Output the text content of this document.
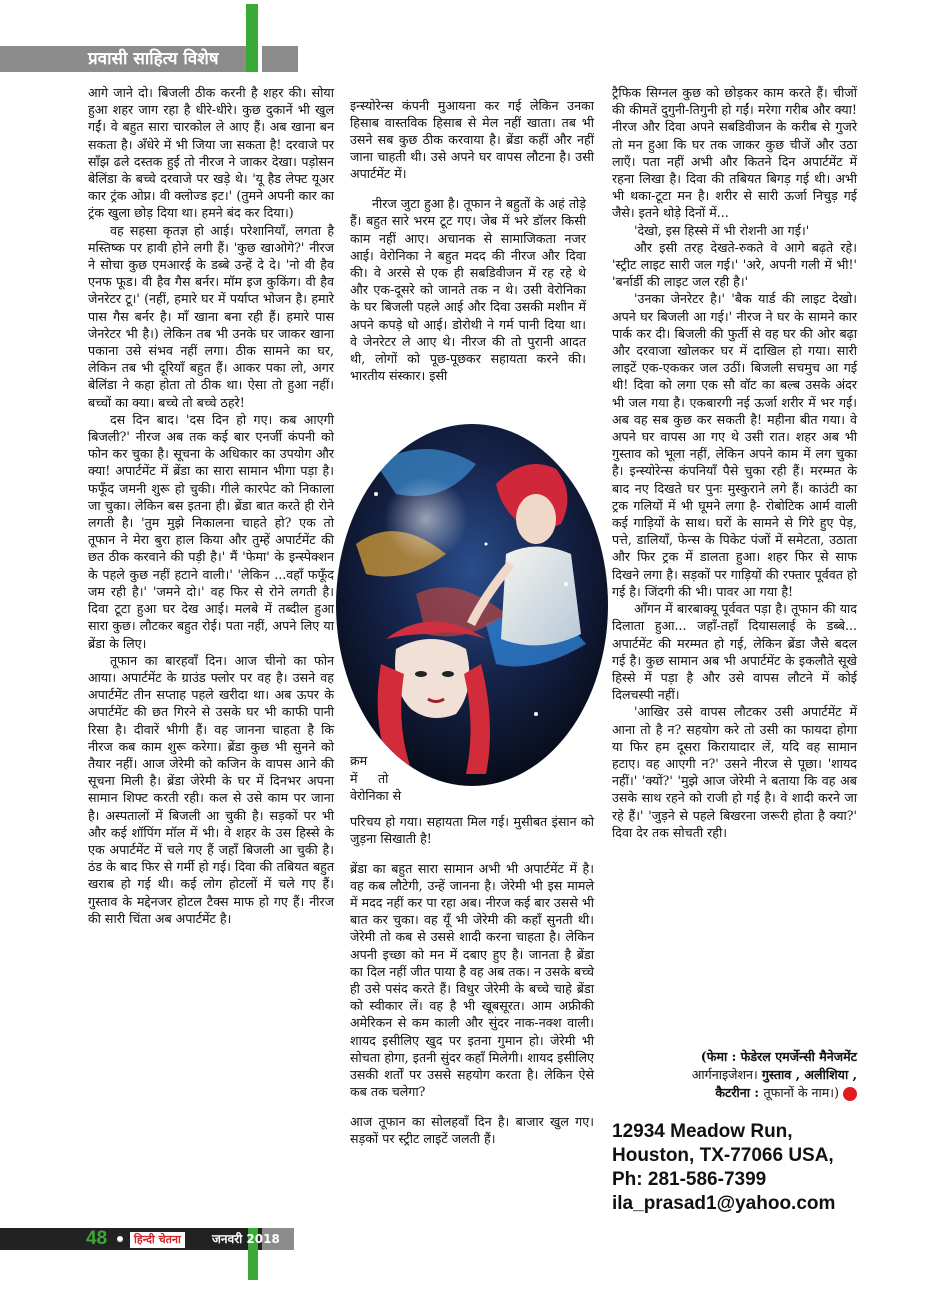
प्रवासी साहित्य विशेष

आगे जाने दो। बिजली ठीक करनी है शहर की। सोया हुआ शहर जाग रहा है धीरे-धीरे। कुछ दुकानें भी खुल गईं। वे बहुत सारा चारकोल ले आए हैं। अब खाना बन सकता है। अँधेरे में भी जिया जा सकता है! दरवाजे पर साँझ ढले दस्तक हुई तो नीरज ने जाकर देखा। पड़ोसन बेलिंडा के बच्चे दरवाजे पर खड़े थे। 'यू हैड लेफ्ट यूअर कार ट्रंक ओप्न। वी क्लोज्ड इट।' (तुमने अपनी कार का ट्रंक खुला छोड़ दिया था। हमने बंद कर दिया।)

वह सहसा कृतज्ञ हो आई। परेशानियाँ, लगता है मस्तिष्क पर हावी होने लगी हैं। 'कुछ खाओगे?' नीरज ने सोचा कुछ एमआरई के डब्बे उन्हें दे दे। 'नो वी हैव एनफ फूड। वी हैव गैस बर्नर। मॉम इज कुकिंग। वी हैव जेनरेटर टू।' (नहीं, हमारे घर में पर्याप्त भोजन है। हमारे पास गैस बर्नर है। माँ खाना बना रही हैं। हमारे पास जेनरेटर भी है।) लेकिन तब भी उनके घर जाकर खाना पकाना उसे संभव नहीं लगा। ठीक सामने का घर, लेकिन तब भी दूरियाँ बहुत हैं। आकर पका लो, अगर बेलिंडा ने कहा होता तो ठीक था। ऐसा तो हुआ नहीं। बच्चों का क्या। बच्चे तो बच्चे ठहरे!

दस दिन बाद। 'दस दिन हो गए। कब आएगी बिजली?' नीरज अब तक कई बार एनर्जी कंपनी को फोन कर चुका है। सूचना के अधिकार का उपयोग और क्या! अपार्टमेंट में ब्रेंडा का सारा सामान भीगा पड़ा है। फफूँद जमनी शुरू हो चुकी। गीले कारपेट को निकाला जा चुका। लेकिन बस इतना ही। ब्रेंडा बात करते ही रोने लगती है। 'तुम मुझे निकालना चाहते हो? एक तो तूफान ने मेरा बुरा हाल किया और तुम्हें अपार्टमेंट की छत ठीक करवाने की पड़ी है।' मैं 'फेमा' के इन्स्पेक्शन के पहले कुछ नहीं हटाने वाली।' 'लेकिन ...वहाँ फफूँद जम रही है।' 'जमने दो।' वह फिर से रोने लगती है। दिवा टूटा हुआ घर देख आई। मलबे में तब्दील हुआ सारा कुछ। लौटकर बहुत रोई। पता नहीं, अपने लिए या ब्रेंडा के लिए।

तूफान का बारहवाँ दिन। आज चीनो का फोन आया। अपार्टमेंट के ग्राउंड फ्लोर पर वह है। उसने वह अपार्टमेंट तीन सप्ताह पहले खरीदा था। अब ऊपर के अपार्टमेंट की छत गिरने से उसके घर भी काफी पानी रिसा है। दीवारें भीगी हैं। वह जानना चाहता है कि नीरज कब काम शुरू करेगा। ब्रेंडा कुछ भी सुनने को तैयार नहीं। आज जेरेमी को कजिन के वापस आने की सूचना मिली है। ब्रेंडा जेरेमी के घर में दिनभर अपना सामान शिफ्ट करती रही। कल से उसे काम पर जाना है। अस्पतालों में बिजली आ चुकी है। सड़कों पर भी और कई शॉपिंग मॉल में भी। वे शहर के उस हिस्से के एक अपार्टमेंट में चले गए हैं जहाँ बिजली आ चुकी है। ठंड के बाद फिर से गर्मी हो गई। दिवा की तबियत बहुत खराब हो गई थी। कई लोग होटलों में चले गए हैं। गुस्ताव के मद्देनजर होटल टैक्स माफ हो गए हैं। नीरज की सारी चिंता अब अपार्टमेंट है।

इन्स्योरेन्स कंपनी मुआयना कर गई लेकिन उनका हिसाब वास्तविक हिसाब से मेल नहीं खाता। तब भी उसने सब कुछ ठीक करवाया है। ब्रेंडा कहीं और नहीं जाना चाहती थी। उसे अपने घर वापस लौटना है। उसी अपार्टमेंट में।

नीरज जुटा हुआ है। तूफान ने बहुतों के अहं तोड़े हैं। बहुत सारे भरम टूट गए। जेब में भरे डॉलर किसी काम नहीं आए। अचानक से सामाजिकता नजर आई। वेरोनिका ने बहुत मदद की नीरज और दिवा की। वे अरसे से एक ही सबडिवीजन में रह रहे थे और एक-दूसरे को जानते तक न थे। उसी वेरोनिका के घर बिजली पहले आई और दिवा उसकी मशीन में अपने कपड़े धो आई। डोरोथी ने गर्म पानी दिया था। वे जेनरेटर ले आए थे। नीरज की तो पुरानी आदत थी, लोगों को पूछ-पूछकर सहायता करने की। भारतीय संस्कार। इसी

क्रम
में तो
वेरोनिका से

परिचय हो गया। सहायता मिल गई। मुसीबत इंसान को जुड़ना सिखाती है!

ब्रेंडा का बहुत सारा सामान अभी भी अपार्टमेंट में है। वह कब लौटेगी, उन्हें जानना है। जेरेमी भी इस मामले में मदद नहीं कर पा रहा अब। नीरज कई बार उससे भी बात कर चुका। वह यूँ भी जेरेमी की कहाँ सुनती थी। जेरेमी तो कब से उससे शादी करना चाहता है। लेकिन अपनी इच्छा को मन में दबाए हुए है। जानता है ब्रेंडा का दिल नहीं जीत पाया है वह अब तक। न उसके बच्चे ही उसे पसंद करते हैं। विधुर जेरेमी के बच्चे चाहे ब्रेंडा को स्वीकार लें। वह है भी खूबसूरत। आम अफ्रीकी अमेरिकन से कम काली और सुंदर नाक-नक्श वाली। शायद इसीलिए खुद पर इतना गुमान हो। जेरेमी भी सोचता होगा, इतनी सुंदर कहाँ मिलेगी। शायद इसीलिए उसकी शर्तों पर उससे सहयोग करता है। लेकिन ऐसे कब तक चलेगा?

आज तूफान का सोलहवाँ दिन है। बाजार खुल गए। सड़कों पर स्ट्रीट लाइटें जलती हैं।

ट्रैफिक सिग्नल कुछ को छोड़कर काम करते हैं। चीजों की कीमतें दुगुनी-तिगुनी हो गईं। मरेगा गरीब और क्या! नीरज और दिवा अपने सबडिवीजन के करीब से गुजरे तो मन हुआ कि घर तक जाकर कुछ चीजें और उठा लाएँ। पता नहीं अभी और कितने दिन अपार्टमेंट में रहना लिखा है। दिवा की तबियत बिगड़ गई थी। अभी भी थका-टूटा मन है। शरीर से सारी ऊर्जा निचुड़ गई जैसे। इतने थोड़े दिनों में...

'देखो, इस हिस्से में भी रोशनी आ गई।'

और इसी तरह देखते-रुकते वे आगे बढ़ते रहे। 'स्ट्रीट लाइट सारी जल गई।' 'अरे, अपनी गली में भी!' 'बर्नार्डी की लाइट जल रही है।'

'उनका जेनरेटर है।' 'बैक यार्ड की लाइट देखो। अपने घर बिजली आ गई।' नीरज ने घर के सामने कार पार्क कर दी। बिजली की फुर्ती से वह घर की ओर बढ़ा और दरवाजा खोलकर घर में दाखिल हो गया। सारी लाइटें एक-एककर जल उठीं। बिजली सचमुच आ गई थी! दिवा को लगा एक सौ वॉट का बल्ब उसके अंदर भी जल गया है। एकबारगी नई ऊर्जा शरीर में भर गई। अब वह सब कुछ कर सकती है! महीना बीत गया। वे अपने घर वापस आ गए थे उसी रात। शहर अब भी गुस्ताव को भूला नहीं, लेकिन अपने काम में लग चुका है। इन्स्योरेन्स कंपनियाँ पैसे चुका रही हैं। मरम्मत के बाद नए दिखते घर पुनः मुस्कुराने लगे हैं। काउंटी का ट्रक गलियों में भी घूमने लगा है- रोबोटिक आर्म वाली कई गाड़ियों के साथ। घरों के सामने से गिरे हुए पेड़, पत्ते, डालियाँ, फेन्स के पिकेट पंजों में समेटता, उठाता और फिर ट्रक में डालता हुआ। शहर फिर से साफ दिखने लगा है। सड़कों पर गाड़ियों की रफ्तार पूर्ववत हो गई है। जिंदगी की भी। पावर आ गया है!

आँगन में बारबाक्यू पूर्ववत पड़ा है। तूफान की याद दिलाता हुआ... जहाँ-तहाँ दियासलाई के डब्बे... अपार्टमेंट की मरम्मत हो गई, लेकिन ब्रेंडा जैसे बदल गई है। कुछ सामान अब भी अपार्टमेंट के इकलौते सूखे हिस्से में पड़ा है और उसे वापस लौटने में कोई दिलचस्पी नहीं।

'आखिर उसे वापस लौटकर उसी अपार्टमेंट में आना तो है न? सहयोग करे तो उसी का फायदा होगा या फिर हम दूसरा किरायादार लें, यदि वह सामान हटाए। वह आएगी न?' उसने नीरज से पूछा। 'शायद नहीं।' 'क्यों?' 'मुझे आज जेरेमी ने बताया कि वह अब उसके साथ रहने को राजी हो गई है। वे शादी करने जा रहे हैं।' 'जुड़ने से पहले बिखरना जरूरी होता है क्या?' दिवा देर तक सोचती रही।

(फेमा : फेडेरल एमर्जेन्सी मैनेजमेंट
आर्गनाइजेशन। गुस्ताव , अलीशिया ,
कैटरीना : तूफानों के नाम।)
12934 Meadow Run,
Houston, TX-77066 USA,
Ph: 281-586-7399
ila_prasad1@yahoo.com
48	हिन्दी चेतना	जनवरी 2018
